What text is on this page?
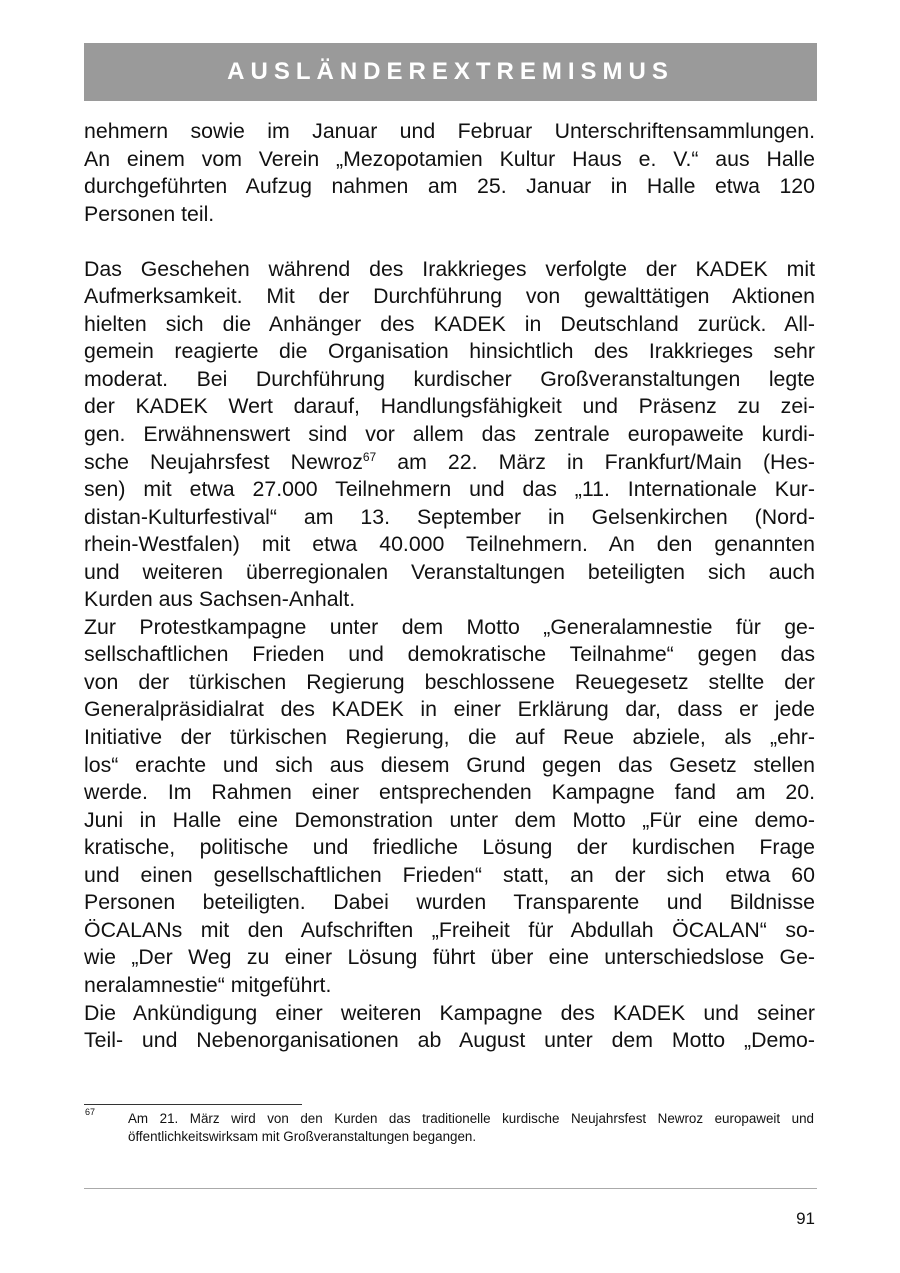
AUSLÄNDEREXTREMISMUS
nehmern sowie im Januar und Februar Unterschriftensammlungen.
An einem vom Verein „Mezopotamien Kultur Haus e. V.“ aus Halle
durchgeführten Aufzug nahmen am 25. Januar in Halle etwa 120
Personen teil.
Das Geschehen während des Irakkrieges verfolgte der KADEK mit
Aufmerksamkeit. Mit der Durchführung von gewalttätigen Aktionen
hielten sich die Anhänger des KADEK in Deutschland zurück. All-
gemein reagierte die Organisation hinsichtlich des Irakkrieges sehr
moderat. Bei Durchführung kurdischer Großveranstaltungen legte
der KADEK Wert darauf, Handlungsfähigkeit und Präsenz zu zei-
gen. Erwähnenswert sind vor allem das zentrale europaweite kurdi-
sche Neujahrsfest Newroz$^{67}$ am 22. März in Frankfurt/Main (Hes-
sen) mit etwa 27.000 Teilnehmern und das „11. Internationale Kur-
distan-Kulturfestival“ am 13. September in Gelsenkirchen (Nord-
rhein-Westfalen) mit etwa 40.000 Teilnehmern. An den genannten
und weiteren überregionalen Veranstaltungen beteiligten sich auch
Kurden aus Sachsen-Anhalt.
Zur Protestkampagne unter dem Motto „Generalamnestie für ge-
sellschaftlichen Frieden und demokratische Teilnahme“ gegen das
von der türkischen Regierung beschlossene Reuegesetz stellte der
Generalpräsidialrat des KADEK in einer Erklärung dar, dass er jede
Initiative der türkischen Regierung, die auf Reue abziele, als „ehr-
los“ erachte und sich aus diesem Grund gegen das Gesetz stellen
werde. Im Rahmen einer entsprechenden Kampagne fand am 20.
Juni in Halle eine Demonstration unter dem Motto „Für eine demo-
kratische, politische und friedliche Lösung der kurdischen Frage
und einen gesellschaftlichen Frieden“ statt, an der sich etwa 60
Personen beteiligten. Dabei wurden Transparente und Bildnisse
ÖCALANs mit den Aufschriften „Freiheit für Abdullah ÖCALAN“ so-
wie „Der Weg zu einer Lösung führt über eine unterschiedslose Ge-
neralamnestie“ mitgeführt.
Die Ankündigung einer weiteren Kampagne des KADEK und seiner
Teil- und Nebenorganisationen ab August unter dem Motto „Demo-
67 Am 21. März wird von den Kurden das traditionelle kurdische Neujahrsfest Newroz europaweit und
öffentlichkeitswirksam mit Großveranstaltungen begangen.
91
